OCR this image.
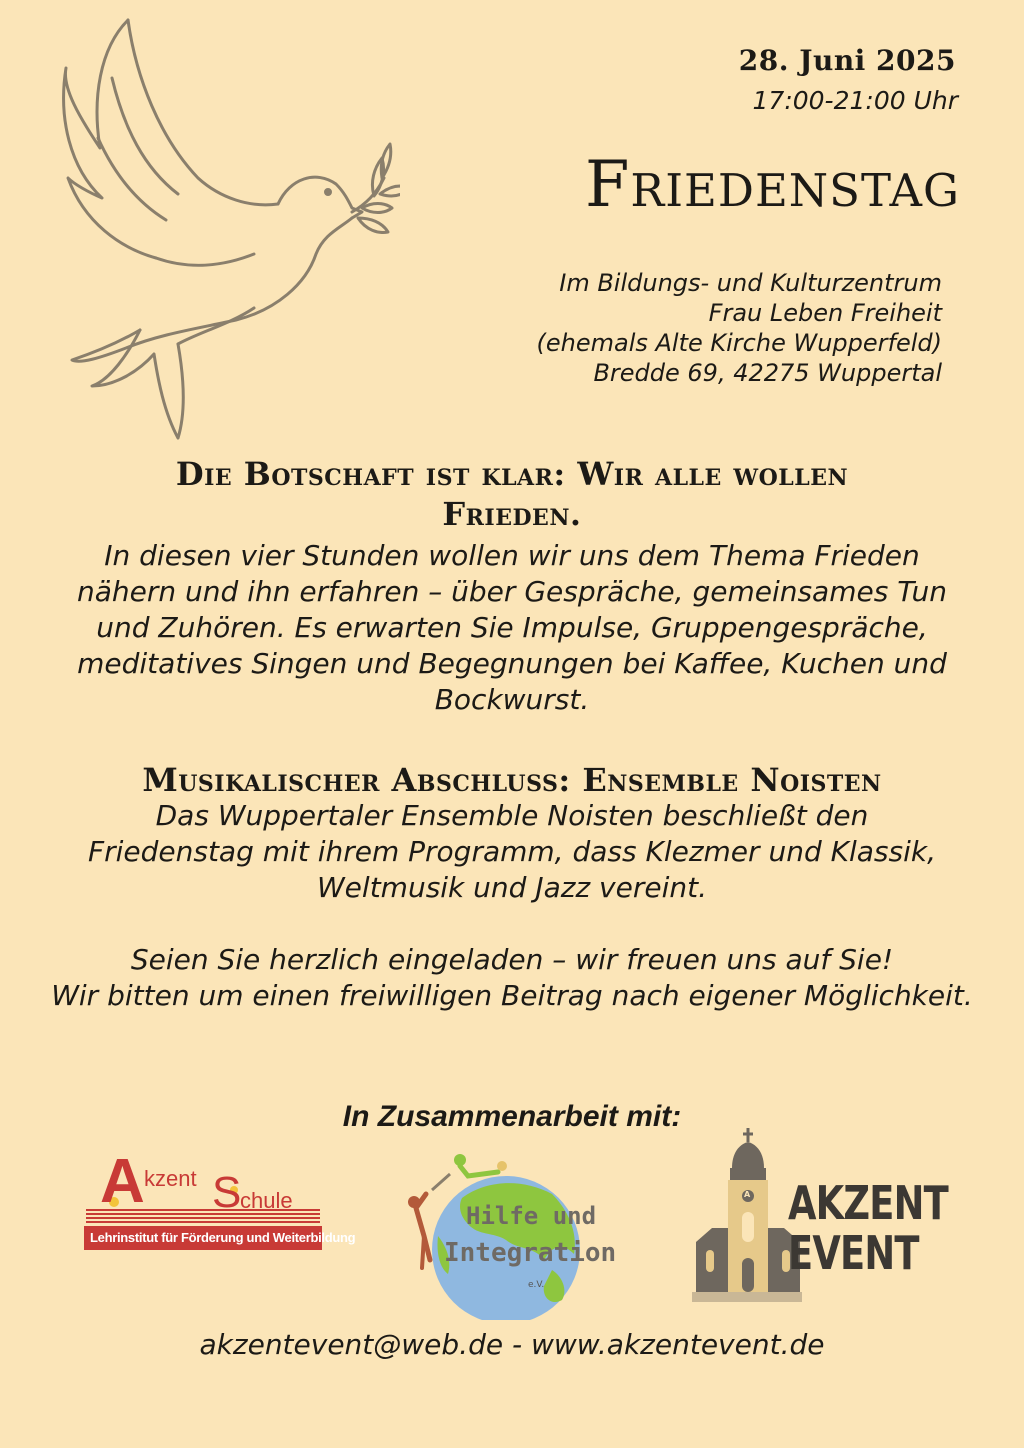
28. Juni 2025
17:00-21:00 Uhr
Friedenstag
Im Bildungs- und Kulturzentrum
Frau Leben Freiheit
(ehemals Alte Kirche Wupperfeld)
Bredde 69, 42275 Wuppertal
Die Botschaft ist klar: Wir alle wollen
Frieden.
In diesen vier Stunden wollen wir uns dem Thema Frieden
nähern und ihn erfahren – über Gespräche, gemeinsames Tun
und Zuhören. Es erwarten Sie Impulse, Gruppengespräche,
meditatives Singen und Begegnungen bei Kaffee, Kuchen und
Bockwurst.
Musikalischer Abschluss: Ensemble Noisten
Das Wuppertaler Ensemble Noisten beschließt den
Friedenstag mit ihrem Programm, dass Klezmer und Klassik,
Weltmusik und Jazz vereint.
Seien Sie herzlich eingeladen – wir freuen uns auf Sie!
Wir bitten um einen freiwilligen Beitrag nach eigener Möglichkeit.
In Zusammenarbeit mit:
A kzent S
chule
Lehrinstitut für Förderung und Weiterbildung
Hilfe und
Integration
e.V.
A AKZENT
EVENT
akzentevent@web.de - www.akzentevent.de
